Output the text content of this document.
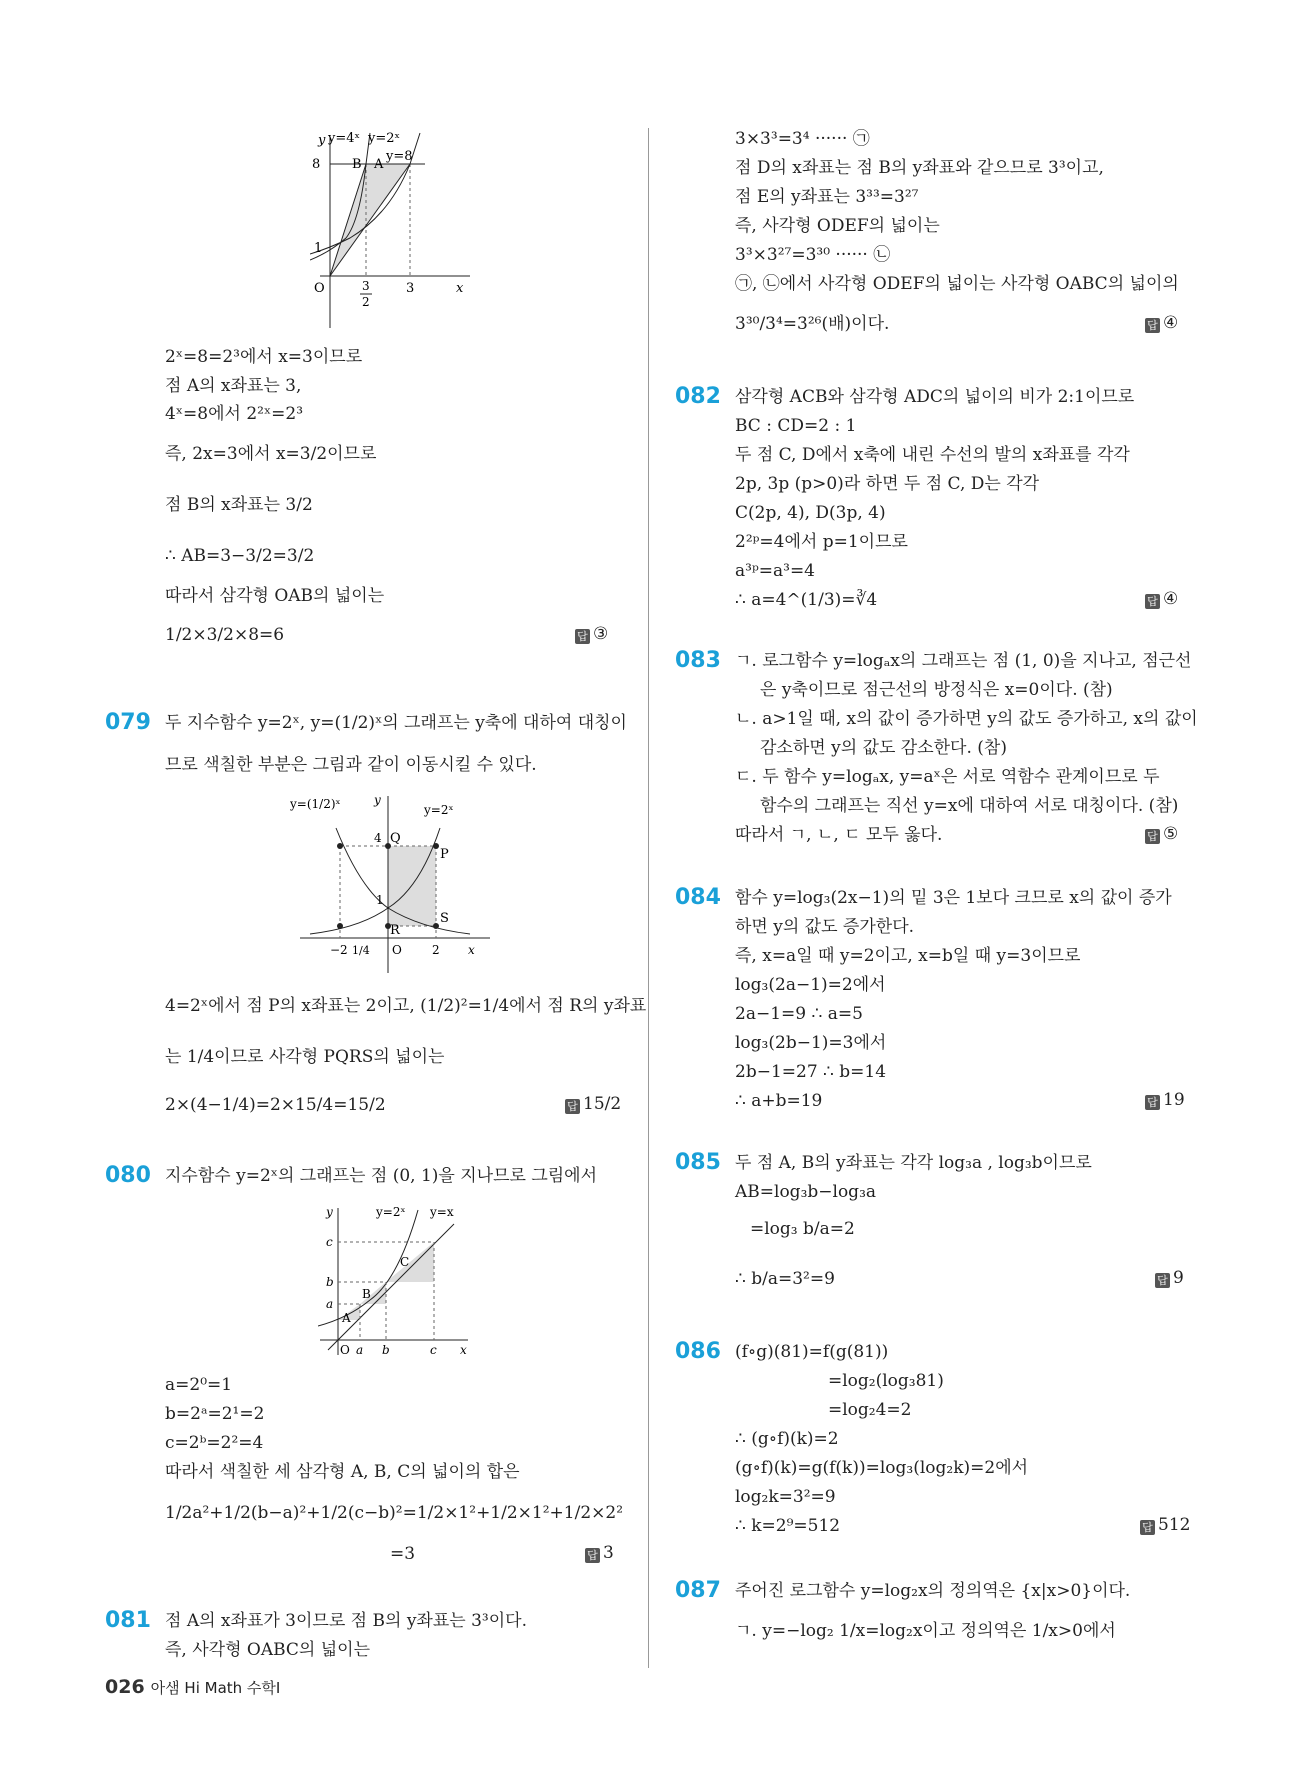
y y=4ˣ y=2ˣ
y=8
8
1
B A
O	3
2
3	x
2ˣ=8=2³에서 x=3이므로
점 A의 x좌표는 3,
4ˣ=8에서 2²ˣ=2³
즉, 2x=3에서 x=3/2이므로
점 B의 x좌표는 3/2
∴ AB=3−3/2=3/2
따라서 삼각형 OAB의 넓이는
1/2×3/2×8=6	답 ③
079 두 지수함수 y=2ˣ, y=(1/2)ˣ의 그래프는 y축에 대하여 대칭이
므로 색칠한 부분은 그림과 같이 이동시킬 수 있다.
y=(1/2)ˣ	y=2ˣ
y
4 Q
P
1
R
S
−2 1/4 O	2 x
4=2ˣ에서 점 P의 x좌표는 2이고, (1/2)²=1/4에서 점 R의 y좌표
는 1/4이므로 사각형 PQRS의 넓이는
2×(4−1/4)=2×15/4=15/2	답 15/2
080 지수함수 y=2ˣ의 그래프는 점 (0, 1)을 지나므로 그림에서
y	y=2ˣ y=x
c
b
a
C
B
A
O a b	c x
a=2⁰=1
b=2ᵃ=2¹=2
c=2ᵇ=2²=4
따라서 색칠한 세 삼각형 A, B, C의 넓이의 합은
1/2a²+1/2(b−a)²+1/2(c−b)²=1/2×1²+1/2×1²+1/2×2²
=3	답 3
081 점 A의 x좌표가 3이므로 점 B의 y좌표는 3³이다.
즉, 사각형 OABC의 넓이는
3×3³=3⁴ ······ ㉠
점 D의 x좌표는 점 B의 y좌표와 같으므로 3³이고,
점 E의 y좌표는 3³³=3²⁷
즉, 사각형 ODEF의 넓이는
3³×3²⁷=3³⁰ ······ ㉡
㉠, ㉡에서 사각형 ODEF의 넓이는 사각형 OABC의 넓이의
3³⁰/3⁴=3²⁶(배)이다.	답 ④
082 삼각형 ACB와 삼각형 ADC의 넓이의 비가 2:1이므로
BC : CD=2 : 1
두 점 C, D에서 x축에 내린 수선의 발의 x좌표를 각각
2p, 3p (p>0)라 하면 두 점 C, D는 각각
C(2p, 4), D(3p, 4)
2²ᵖ=4에서 p=1이므로
a³ᵖ=a³=4
∴ a=4^(1/3)=∛4	답 ④
083 ㄱ. 로그함수 y=logₐx의 그래프는 점 (1, 0)을 지나고, 점근선
은 y축이므로 점근선의 방정식은 x=0이다. (참)
ㄴ. a>1일 때, x의 값이 증가하면 y의 값도 증가하고, x의 값이
감소하면 y의 값도 감소한다. (참)
ㄷ. 두 함수 y=logₐx, y=aˣ은 서로 역함수 관계이므로 두
함수의 그래프는 직선 y=x에 대하여 서로 대칭이다. (참)
따라서 ㄱ, ㄴ, ㄷ 모두 옳다.	답 ⑤
084 함수 y=log₃(2x−1)의 밑 3은 1보다 크므로 x의 값이 증가
하면 y의 값도 증가한다.
즉, x=a일 때 y=2이고, x=b일 때 y=3이므로
log₃(2a−1)=2에서
2a−1=9 ∴ a=5
log₃(2b−1)=3에서
2b−1=27 ∴ b=14
∴ a+b=19	답 19
085 두 점 A, B의 y좌표는 각각 log₃a , log₃b이므로
AB=log₃b−log₃a
=log₃ b/a=2
∴ b/a=3²=9	답 9
086 (f∘g)(81)=f(g(81))
=log₂(log₃81)
=log₂4=2
∴ (g∘f)(k)=2
(g∘f)(k)=g(f(k))=log₃(log₂k)=2에서
log₂k=3²=9
∴ k=2⁹=512	답 512
087 주어진 로그함수 y=log₂x의 정의역은 {x|x>0}이다.
ㄱ. y=−log₂ 1/x=log₂x이고 정의역은 1/x>0에서
026 아샘 Hi Math 수학Ⅰ
